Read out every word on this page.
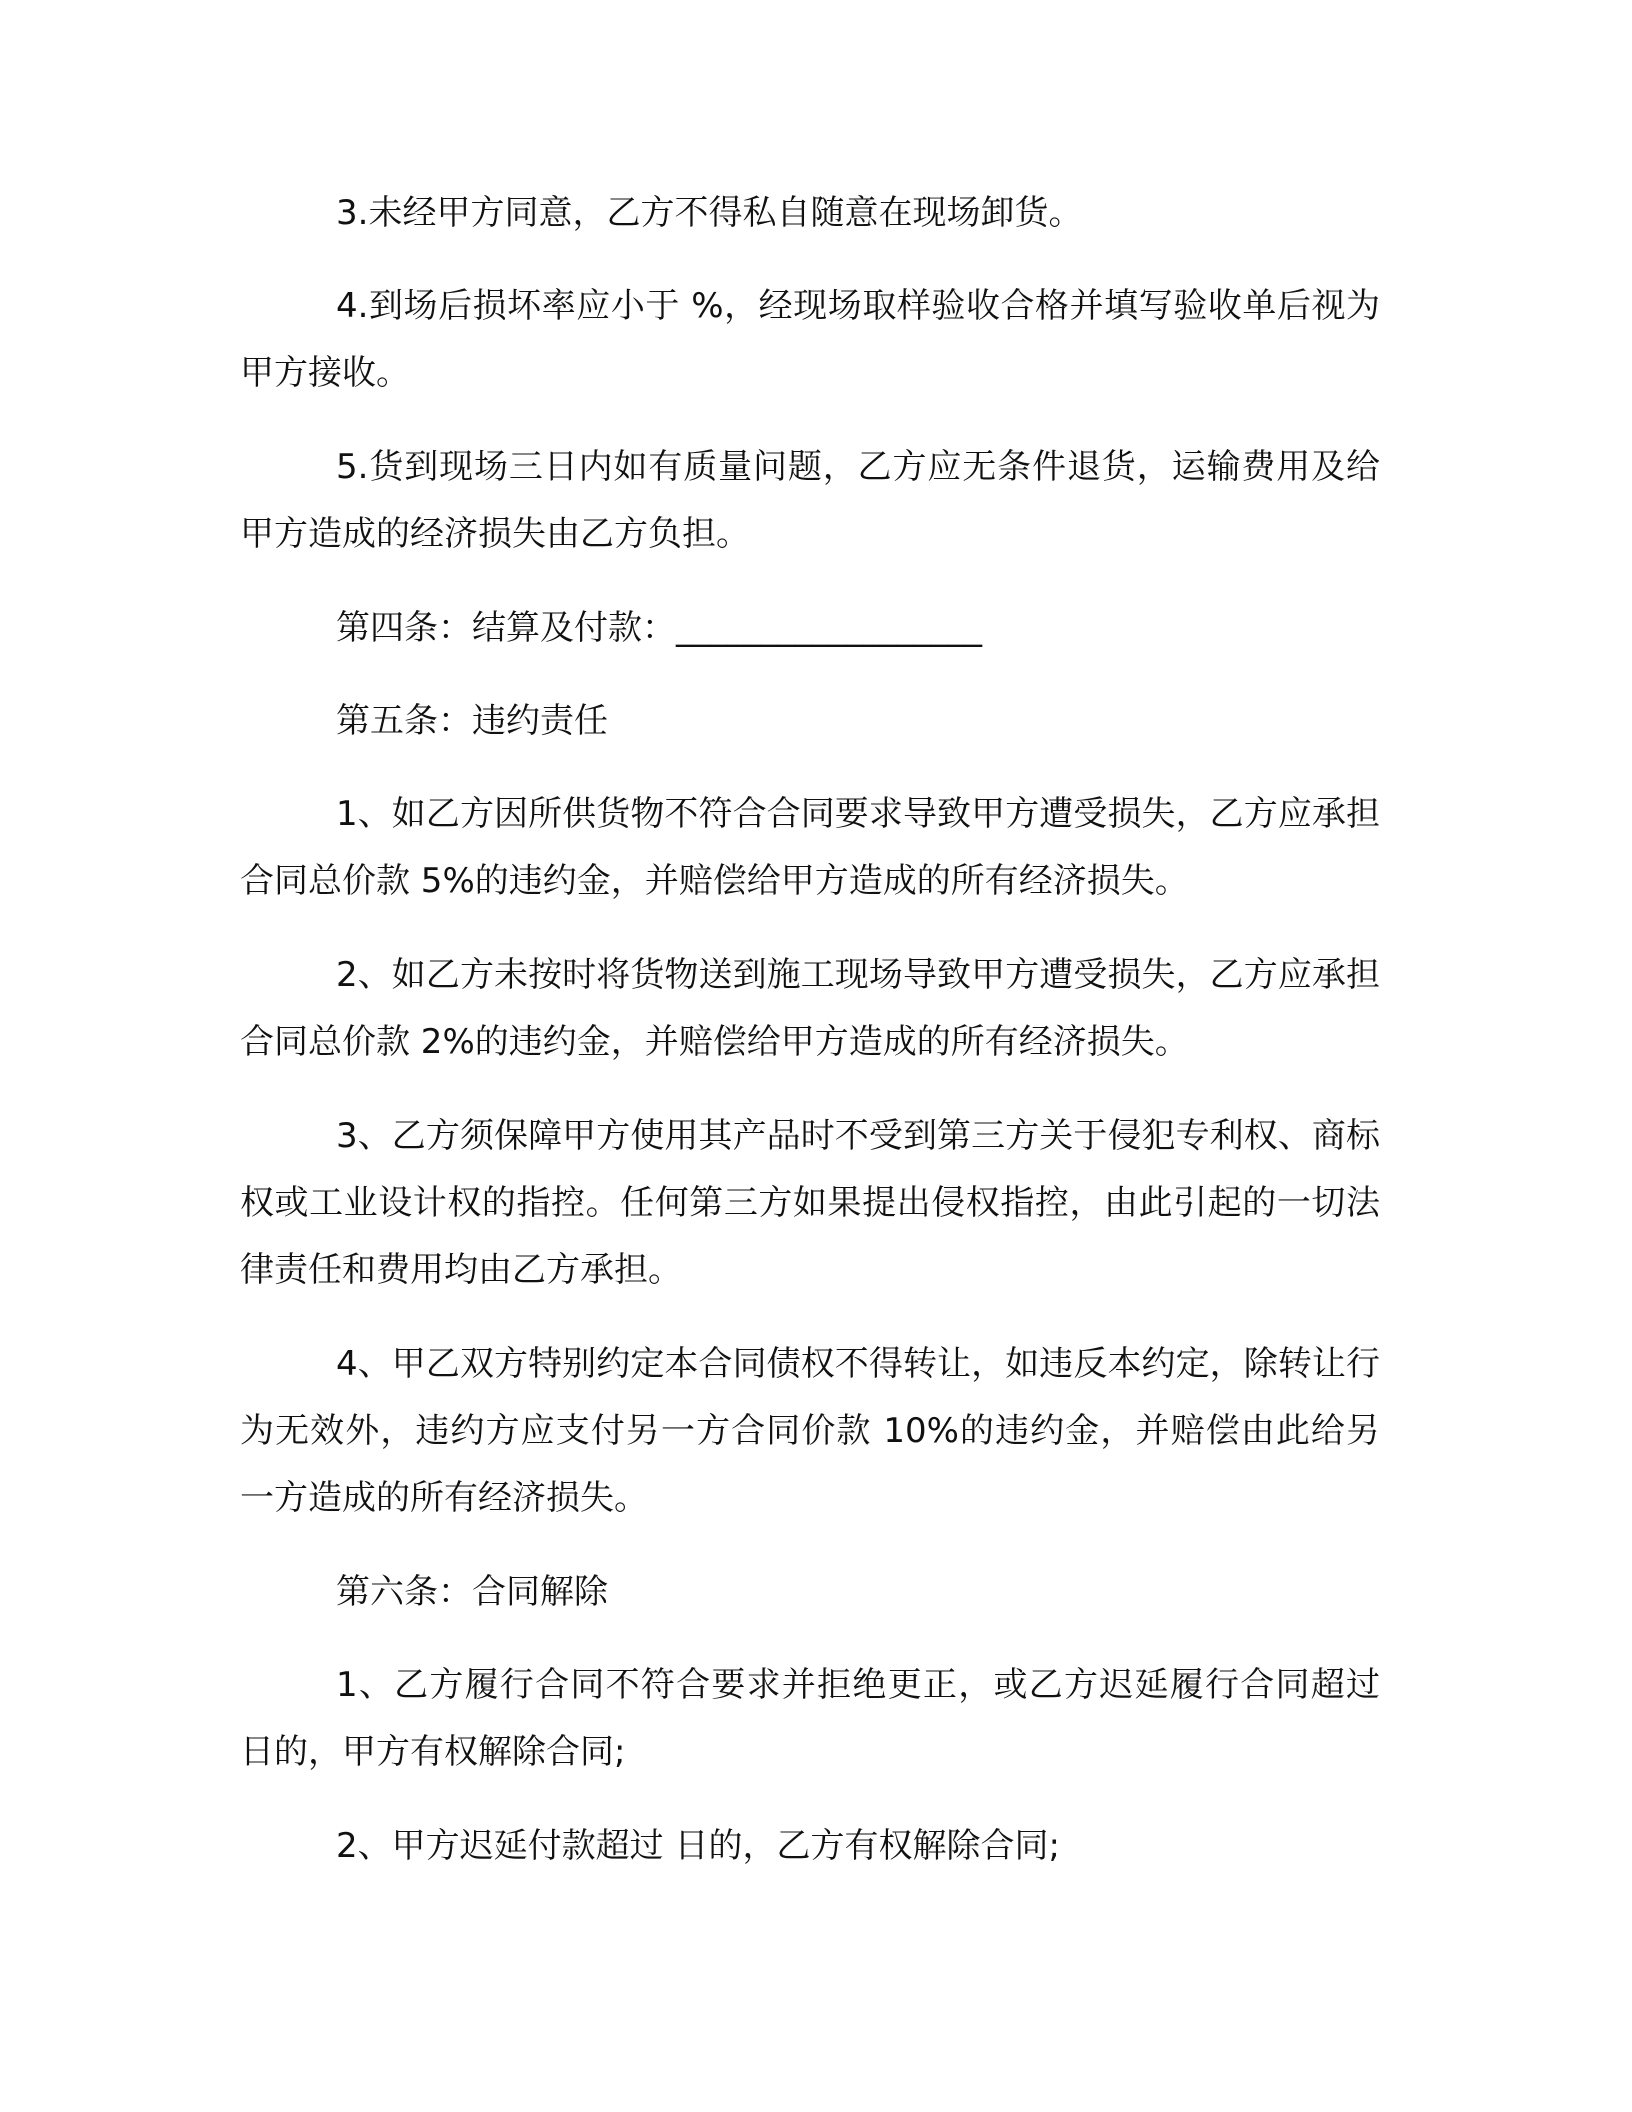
3.未经甲方同意，乙方不得私自随意在现场卸货。

4.到场后损坏率应小于 %，经现场取样验收合格并填写验收单后视为甲方接收。

5.货到现场三日内如有质量问题，乙方应无条件退货，运输费用及给甲方造成的经济损失由乙方负担。

第四条：结算及付款：__________________

第五条：违约责任

1、如乙方因所供货物不符合合同要求导致甲方遭受损失，乙方应承担合同总价款 5%的违约金，并赔偿给甲方造成的所有经济损失。

2、如乙方未按时将货物送到施工现场导致甲方遭受损失，乙方应承担合同总价款 2%的违约金，并赔偿给甲方造成的所有经济损失。

3、乙方须保障甲方使用其产品时不受到第三方关于侵犯专利权、商标权或工业设计权的指控。任何第三方如果提出侵权指控，由此引起的一切法律责任和费用均由乙方承担。

4、甲乙双方特别约定本合同债权不得转让，如违反本约定，除转让行为无效外，违约方应支付另一方合同价款 10%的违约金，并赔偿由此给另一方造成的所有经济损失。

第六条：合同解除

1、乙方履行合同不符合要求并拒绝更正，或乙方迟延履行合同超过 日的，甲方有权解除合同;

2、甲方迟延付款超过 日的，乙方有权解除合同;
